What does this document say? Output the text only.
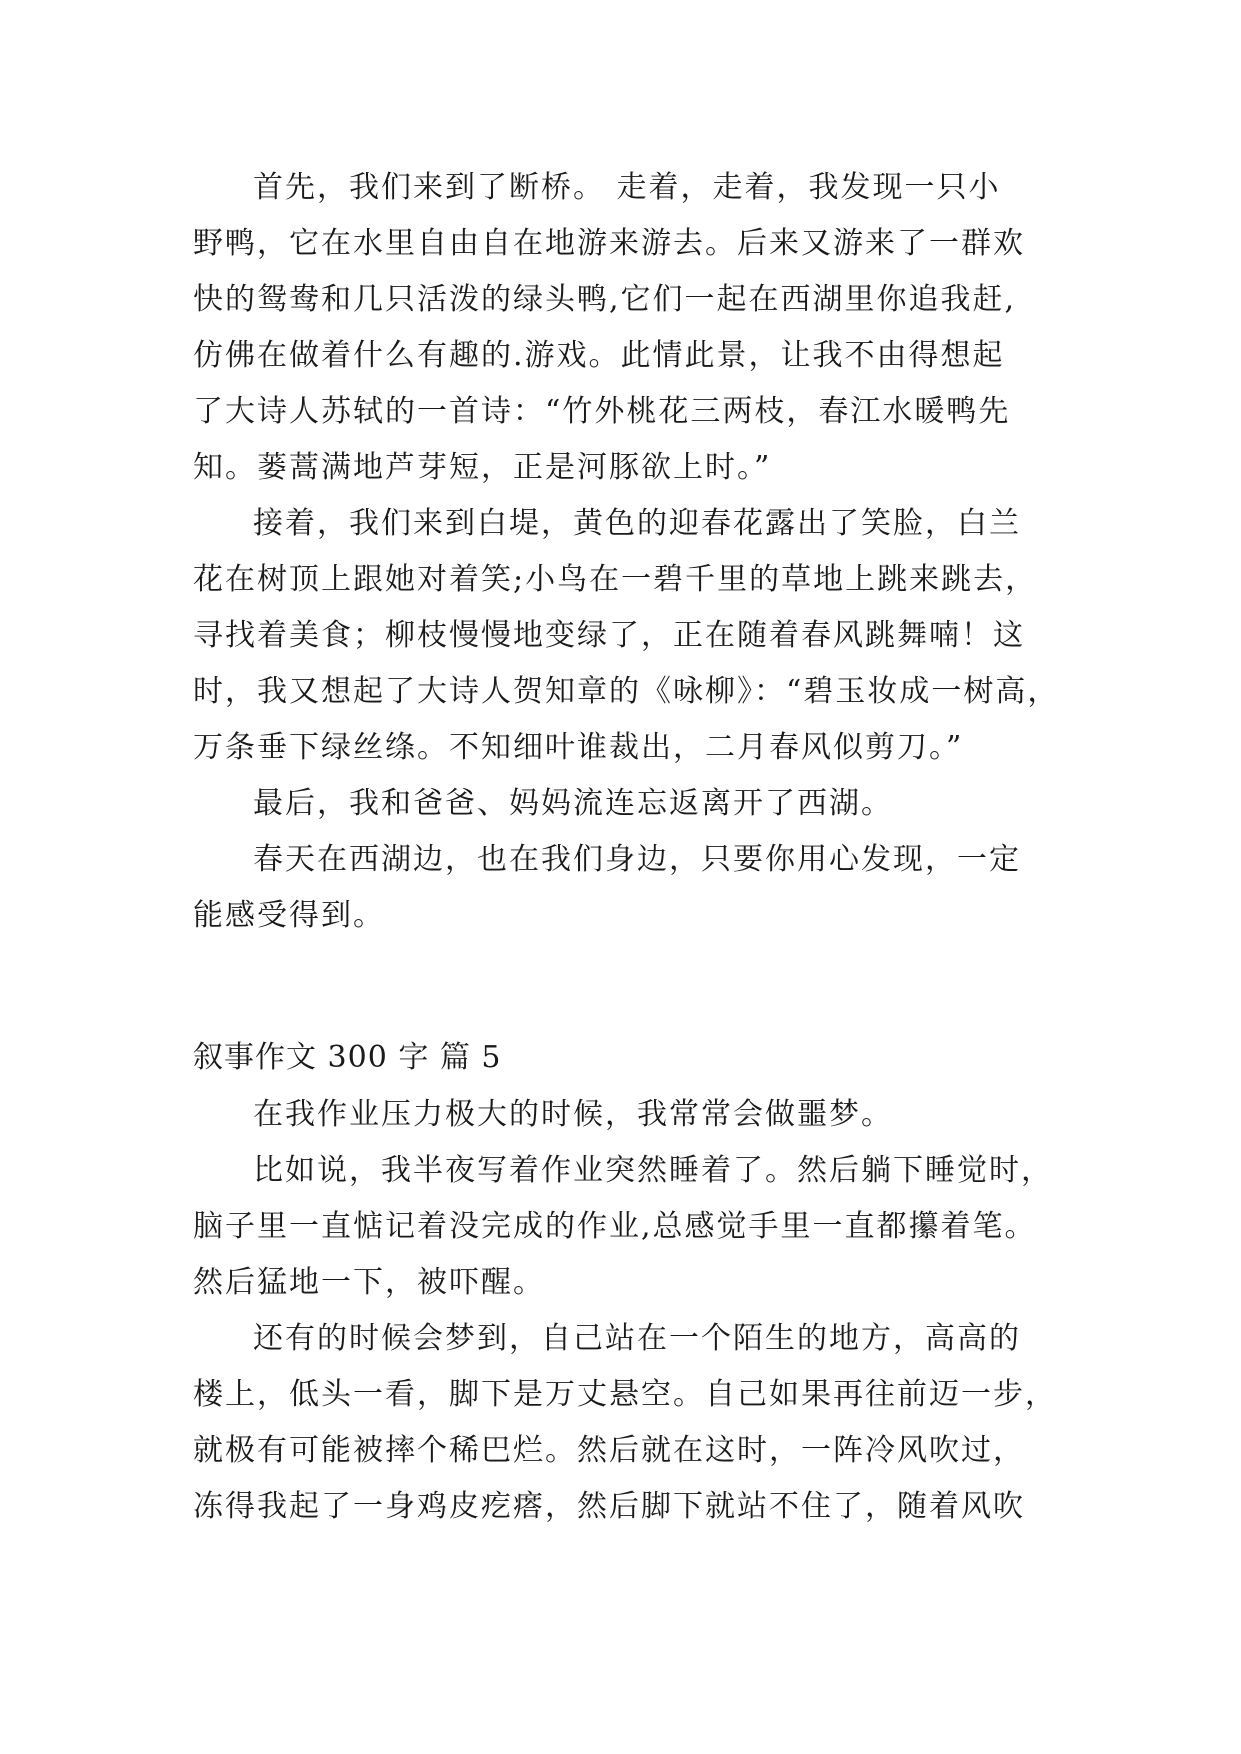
首先，我们来到了断桥。 走着，走着，我发现一只小
野鸭，它在水里自由自在地游来游去。后来又游来了一群欢
快的鸳鸯和几只活泼的绿头鸭,它们一起在西湖里你追我赶,
仿佛在做着什么有趣的.游戏。此情此景，让我不由得想起
了大诗人苏轼的一首诗：“竹外桃花三两枝，春江水暖鸭先
知。蒌蒿满地芦芽短，正是河豚欲上时。”
接着，我们来到白堤，黄色的迎春花露出了笑脸，白兰
花在树顶上跟她对着笑;小鸟在一碧千里的草地上跳来跳去，
寻找着美食；柳枝慢慢地变绿了，正在随着春风跳舞喃！这
时，我又想起了大诗人贺知章的《咏柳》：“碧玉妆成一树高，
万条垂下绿丝绦。不知细叶谁裁出，二月春风似剪刀。”
最后，我和爸爸、妈妈流连忘返离开了西湖。
春天在西湖边，也在我们身边，只要你用心发现，一定
能感受得到。
叙事作文 300 字 篇 5
在我作业压力极大的时候，我常常会做噩梦。
比如说，我半夜写着作业突然睡着了。然后躺下睡觉时，
脑子里一直惦记着没完成的作业,总感觉手里一直都攥着笔。
然后猛地一下，被吓醒。
还有的时候会梦到，自己站在一个陌生的地方，高高的
楼上，低头一看，脚下是万丈悬空。自己如果再往前迈一步，
就极有可能被摔个稀巴烂。然后就在这时，一阵冷风吹过，
冻得我起了一身鸡皮疙瘩，然后脚下就站不住了，随着风吹
